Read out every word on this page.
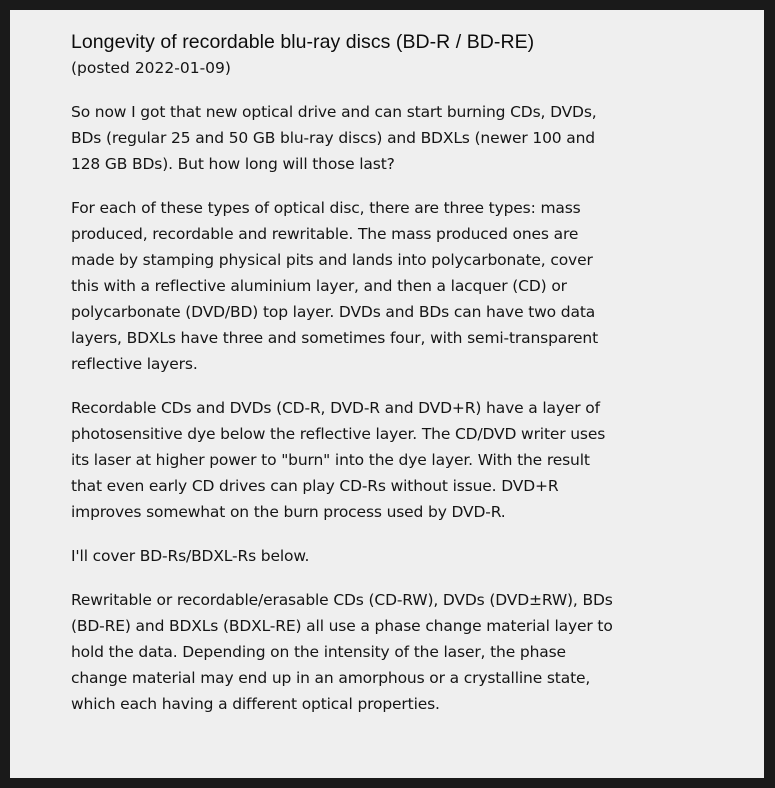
Longevity of recordable blu-ray discs (BD-R / BD-RE)

(posted 2022-01-09)

So now I got that new optical drive and can start burning CDs, DVDs, BDs (regular 25 and 50 GB blu-ray discs) and BDXLs (newer 100 and 128 GB BDs). But how long will those last?

For each of these types of optical disc, there are three types: mass produced, recordable and rewritable. The mass produced ones are made by stamping physical pits and lands into polycarbonate, cover this with a reflective aluminium layer, and then a lacquer (CD) or polycarbonate (DVD/BD) top layer. DVDs and BDs can have two data layers, BDXLs have three and sometimes four, with semi-transparent reflective layers.

Recordable CDs and DVDs (CD-R, DVD-R and DVD+R) have a layer of photosensitive dye below the reflective layer. The CD/DVD writer uses its laser at higher power to "burn" into the dye layer. With the result that even early CD drives can play CD-Rs without issue. DVD+R improves somewhat on the burn process used by DVD-R.

I'll cover BD-Rs/BDXL-Rs below.

Rewritable or recordable/erasable CDs (CD-RW), DVDs (DVD±RW), BDs (BD-RE) and BDXLs (BDXL-RE) all use a phase change material layer to hold the data. Depending on the intensity of the laser, the phase change material may end up in an amorphous or a crystalline state, which each having a different optical properties.
